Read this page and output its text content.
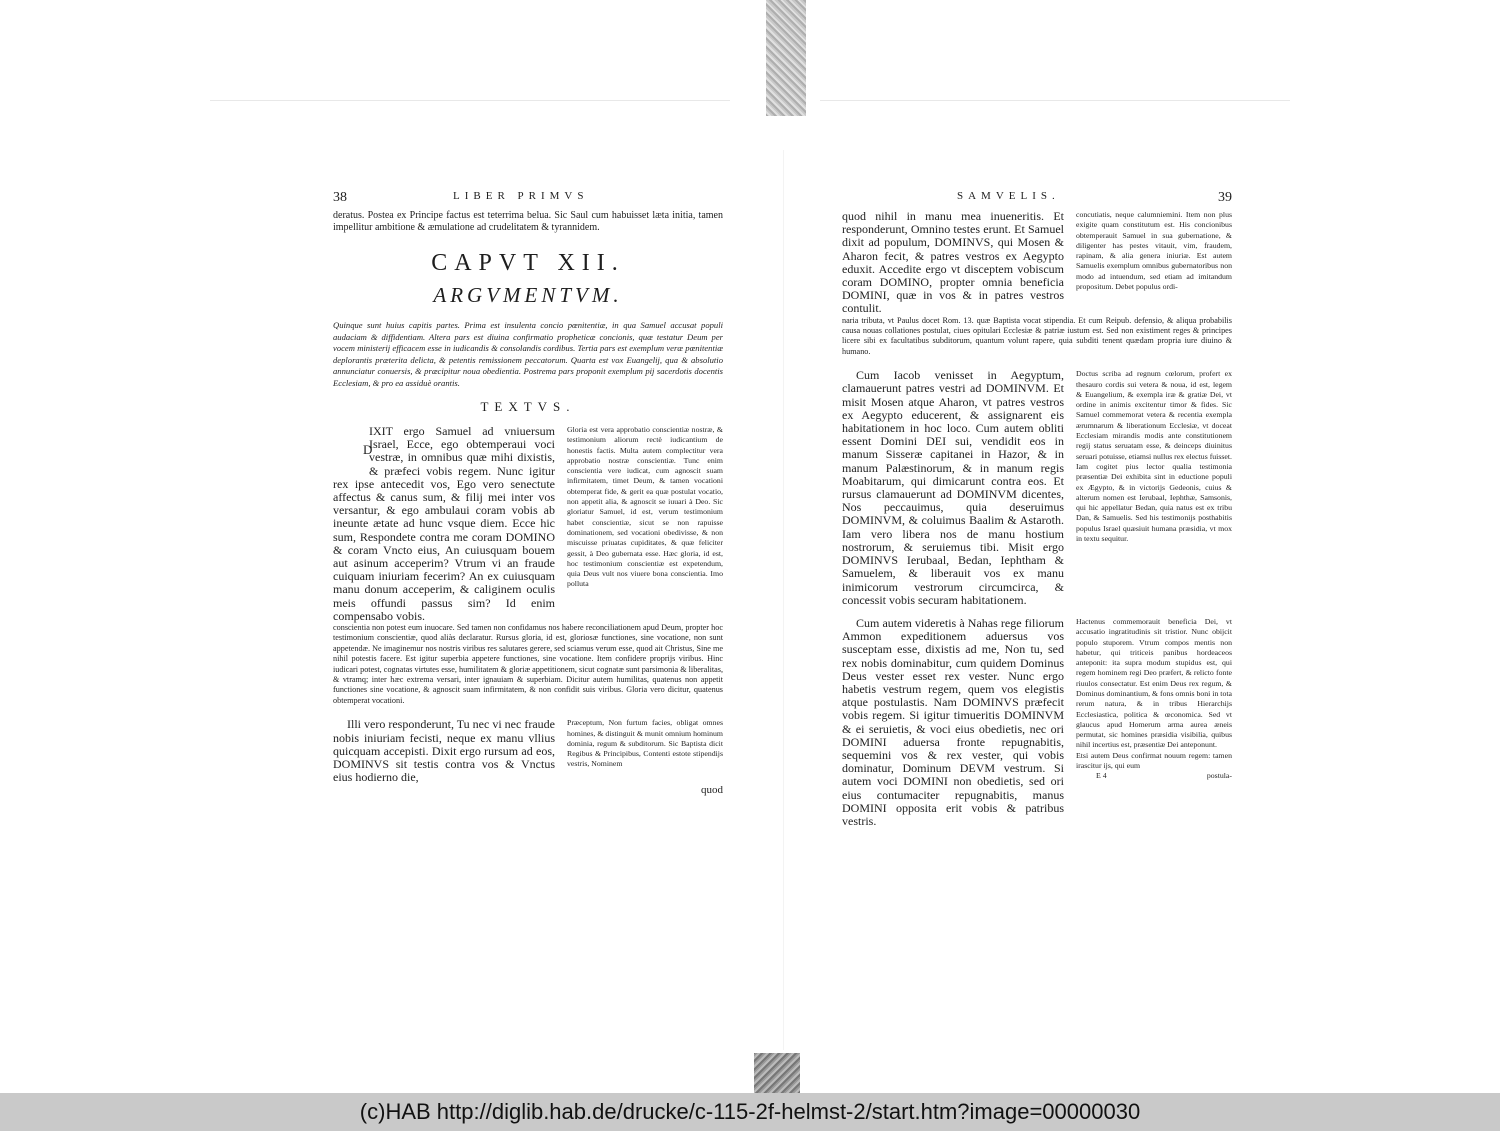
38	LIBER PRIMVS

deratus. Postea ex Principe factus est teterrima belua. Sic Saul cum habuisset læta initia, tamen impellitur ambitione & æmulatione ad crudelitatem & tyrannidem.

CAPVT XII.
ARGVMENTVM.

Quinque sunt huius capitis partes. Prima est insulenta concio pœnitentiæ, in qua Samuel accusat populi audaciam & diffidentiam. Altera pars est diuina confirmatio propheticæ concionis, quæ testatur Deum per vocem ministerij efficacem esse in iudicandis & consolandis cordibus. Tertia pars est exemplum veræ pœnitentiæ deplorantis præterita delicta, & petentis remissionem peccatorum. Quarta est vox Euangelij, qua & absolutio annunciatur conuersis, & præcipitur noua obedientia. Postrema pars proponit exemplum pij sacerdotis docentis Ecclesiam, & pro ea assiduè orantis.

TEXTVS.
D
IXIT ergo Samuel ad vniuersum Israel, Ecce, ego obtemperaui voci vestræ, in omnibus quæ mihi dixistis, & præfeci vobis regem. Nunc igitur rex ipse antecedit vos, Ego vero senectute affectus & canus sum, & filij mei inter vos versantur, & ego ambulaui coram vobis ab ineunte ætate ad hunc vsque diem. Ecce hic sum, Respondete contra me coram DOMINO & coram Vncto eius, An cuiusquam bouem aut asinum acceperim? Vtrum vi an fraude cuiquam iniuriam fecerim? An ex cuiusquam manu donum acceperim, & caliginem oculis meis offundi passus sim? Id enim compensabo vobis.
Gloria est vera approbatio conscientiæ nostræ, & testimonium aliorum rectè iudicantium de honestis factis. Multa autem complectitur vera approbatio nostræ conscientiæ. Tunc enim conscientia vere iudicat, cum agnoscit suam infirmitatem, timet Deum, & tamen vocationi obtemperat fide, & gerit ea quæ postulat vocatio, non appetit alia, & agnoscit se iuuari à Deo. Sic gloriatur Samuel, id est, verum testimonium habet conscientiæ, sicut se non rapuisse dominationem, sed vocationi obedivisse, & non miscuisse priuatas cupiditates, & quæ feliciter gessit, à Deo gubernata esse. Hæc gloria, id est, hoc testimonium conscientiæ est expetendum, quia Deus vult nos viuere bona conscientia. Imo polluta

conscientia non potest eum inuocare. Sed tamen non confidamus nos habere reconciliationem apud Deum, propter hoc testimonium conscientiæ, quod aliàs declaratur. Rursus gloria, id est, gloriosæ functiones, sine vocatione, non sunt appetendæ. Ne imaginemur nos nostris viribus res salutares gerere, sed sciamus verum esse, quod ait Christus, Sine me nihil potestis facere. Est igitur superbia appetere functiones, sine vocatione. Item confidere proprijs viribus. Hinc iudicari potest, cognatas virtutes esse, humilitatem & gloriæ appetitionem, sicut cognatæ sunt parsimonia & liberalitas, & vtramq; inter hæc extrema versari, inter ignauiam & superbiam. Dicitur autem humilitas, quatenus non appetit functiones sine vocatione, & agnoscit suam infirmitatem, & non confidit suis viribus. Gloria vero dicitur, quatenus obtemperat vocationi.

Illi vero responderunt, Tu nec vi nec fraude nobis iniuriam fecisti, neque ex manu vllius quicquam accepisti. Dixit ergo rursum ad eos, DOMINVS sit testis contra vos & Vnctus eius hodierno die,
Præceptum, Non furtum facies, obligat omnes homines, & distinguit & munit omnium hominum dominia, regum & subditorum. Sic Baptista dicit Regibus & Principibus, Contenti estote stipendijs vestris, Nominem
quod
SAMVELIS.	39
quod nihil in manu mea inueneritis. Et responderunt, Omnino testes erunt. Et Samuel dixit ad populum, DOMINVS, qui Mosen & Aharon fecit, & patres vestros ex Aegypto eduxit. Accedite ergo vt disceptem vobiscum coram DOMINO, propter omnia beneficia DOMINI, quæ in vos & in patres vestros contulit.
concutiatis, neque calumniemini. Item non plus exigite quam constitutum est. His concionibus obtemperauit Samuel in sua gubernatione, & diligenter has pestes vitauit, vim, fraudem, rapinam, & alia genera iniuriæ. Est autem Samuelis exemplum omnibus gubernatoribus non modo ad intuendum, sed etiam ad imitandum propositum. Debet populus ordi-

naria tributa, vt Paulus docet Rom. 13. quæ Baptista vocat stipendia. Et cum Reipub. defensio, & aliqua probabilis causa nouas collationes postulat, ciues opitulari Ecclesiæ & patriæ iustum est. Sed non existiment reges & principes licere sibi ex facultatibus subditorum, quantum volunt rapere, quia subditi tenent quædam propria iure diuino & humano.

Cum Iacob venisset in Aegyptum, clamauerunt patres vestri ad DOMINVM. Et misit Mosen atque Aharon, vt patres vestros ex Aegypto educerent, & assignarent eis habitationem in hoc loco. Cum autem obliti essent Domini DEI sui, vendidit eos in manum Sisseræ capitanei in Hazor, & in manum Palæstinorum, & in manum regis Moabitarum, qui dimicarunt contra eos. Et rursus clamauerunt ad DOMINVM dicentes, Nos peccauimus, quia deseruimus DOMINVM, & coluimus Baalim & Astaroth. Iam vero libera nos de manu hostium nostrorum, & seruiemus tibi. Misit ergo DOMINVS Ierubaal, Bedan, Iephtham & Samuelem, & liberauit vos ex manu inimicorum vestrorum circumcirca, & concessit vobis securam habitationem.
Doctus scriba ad regnum cœlorum, profert ex thesauro cordis sui vetera & noua, id est, legem & Euangelium, & exempla iræ & gratiæ Dei, vt ordine in animis excitentur timor & fides. Sic Samuel commemorat vetera & recentia exempla ærumnarum & liberationum Ecclesiæ, vt doceat Ecclesiam mirandis modis ante constitutionem regij status seruatam esse, & deinceps diuinitus seruari potuisse, etiamsi nullus rex electus fuisset. Iam cogitet pius lector qualia testimonia præsentiæ Dei exhibita sint in eductione populi ex Ægypto, & in victorijs Gedeonis, cuius & alterum nomen est Ierubaal, Iephthæ, Samsonis, qui hic appellatur Bedan, quia natus est ex tribu Dan, & Samuelis. Sed his testimonijs posthabitis populus Israel quæsiuit humana præsidia, vt mox in textu sequitur.
Cum autem videretis à Nahas rege filiorum Ammon expeditionem aduersus vos susceptam esse, dixistis ad me, Non tu, sed rex nobis dominabitur, cum quidem Dominus Deus vester esset rex vester. Nunc ergo habetis vestrum regem, quem vos elegistis atque postulastis. Nam DOMINVS præfecit vobis regem. Si igitur timueritis DOMINVM & ei seruietis, & voci eius obedietis, nec ori DOMINI aduersa fronte repugnabitis, sequemini vos & rex vester, qui vobis dominatur, Dominum DEVM vestrum. Si autem voci DOMINI non obedietis, sed ori eius contumaciter repugnabitis, manus DOMINI opposita erit vobis & patribus vestris.
Hactenus commemorauit beneficia Dei, vt accusatio ingratitudinis sit tristior. Nunc obijcit populo stuporem. Vtrum compos mentis non habetur, qui triticeis panibus hordeaceos anteponit: ita supra modum stupidus est, qui regem hominem regi Deo præfert, & relicto fonte riuulos consectatur. Est enim Deus rex regum, & Dominus dominantium, & fons omnis boni in tota rerum natura, & in tribus Hierarchijs Ecclesiastica, politica & œconomica. Sed vt glaucus apud Homerum arma aurea æneis permutat, sic homines præsidia visibilia, quibus nihil incertius est, præsentiæ Dei anteponunt.
Etsi autem Deus confirmat nouum regem: tamen irascitur ijs, qui eum
E 4	postula-
(c)HAB http://diglib.hab.de/drucke/c-115-2f-helmst-2/start.htm?image=00000030
